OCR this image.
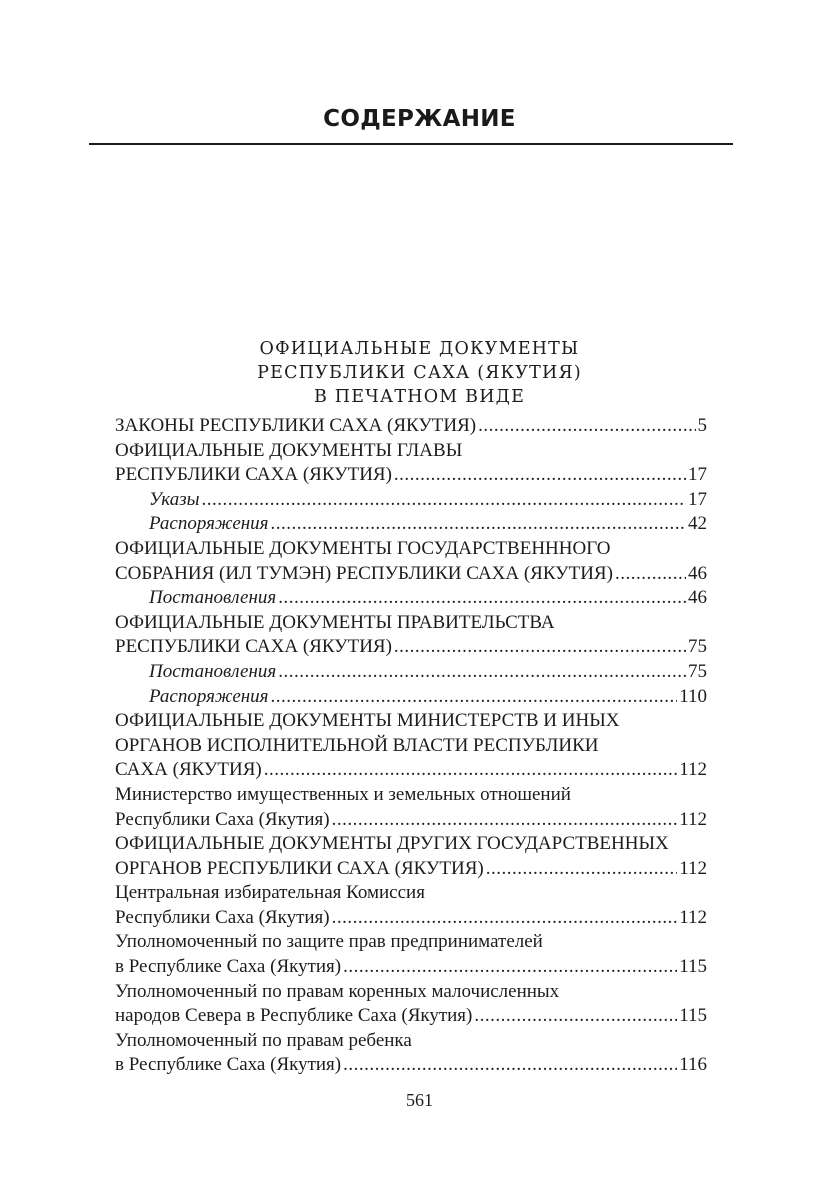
СОДЕРЖАНИЕ
ОФИЦИАЛЬНЫЕ ДОКУМЕНТЫ
РЕСПУБЛИКИ САХА (ЯКУТИЯ)
В ПЕЧАТНОМ ВИДЕ
ЗАКОНЫ РЕСПУБЛИКИ САХА (ЯКУТИЯ) .....	5
ОФИЦИАЛЬНЫЕ ДОКУМЕНТЫ ГЛАВЫ
РЕСПУБЛИКИ САХА (ЯКУТИЯ) .....	17
Указы .....	17
Распоряжения .....	42
ОФИЦИАЛЬНЫЕ ДОКУМЕНТЫ ГОСУДАРСТВЕНННОГО
СОБРАНИЯ (ИЛ ТУМЭН) РЕСПУБЛИКИ САХА (ЯКУТИЯ) .....	46
Постановления .....	46
ОФИЦИАЛЬНЫЕ ДОКУМЕНТЫ ПРАВИТЕЛЬСТВА
РЕСПУБЛИКИ САХА (ЯКУТИЯ) .....	75
Постановления .....	75
Распоряжения .....	110
ОФИЦИАЛЬНЫЕ ДОКУМЕНТЫ МИНИСТЕРСТВ И ИНЫХ
ОРГАНОВ ИСПОЛНИТЕЛЬНОЙ ВЛАСТИ РЕСПУБЛИКИ
САХА (ЯКУТИЯ) .....	112
Министерство имущественных и земельных отношений
Республики Саха (Якутия) .....	112
ОФИЦИАЛЬНЫЕ ДОКУМЕНТЫ ДРУГИХ ГОСУДАРСТВЕННЫХ
ОРГАНОВ РЕСПУБЛИКИ САХА (ЯКУТИЯ) .....	112
Центральная избирательная Комиссия
Республики Саха (Якутия) .....	112
Уполномоченный по защите прав предпринимателей
в Республике Саха (Якутия) .....	115
Уполномоченный по правам коренных малочисленных
народов Севера в Республике Саха (Якутия) .....	115
Уполномоченный по правам ребенка
в Республике Саха (Якутия) .....	116
561
